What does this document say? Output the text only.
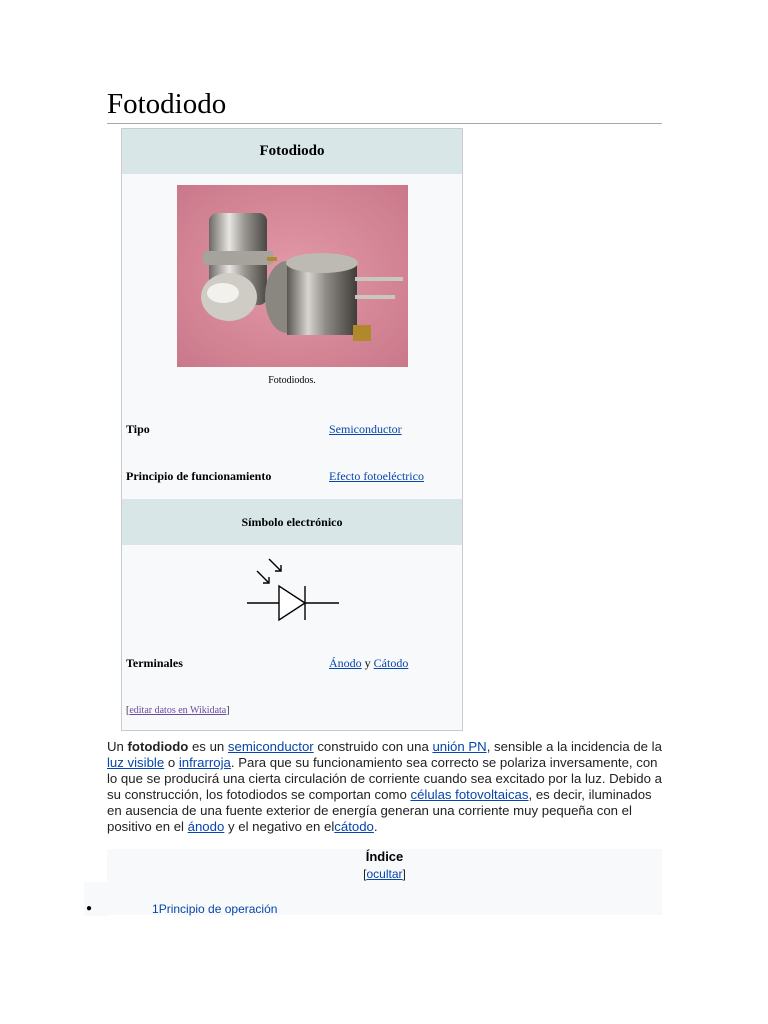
Fotodiodo
Fotodiodo
Fotodiodos.
Tipo	Semiconductor
Principio de funcionamiento	Efecto fotoeléctrico
Símbolo electrónico
Terminales	Ánodo y Cátodo
[editar datos en Wikidata]

Un fotodiodo es un semiconductor construido con una unión PN, sensible a la incidencia de la luz visible o infrarroja. Para que su funcionamiento sea correcto se polariza inversamente, con lo que se producirá una cierta circulación de corriente cuando sea excitado por la luz. Debido a su construcción, los fotodiodos se comportan como células fotovoltaicas, es decir, iluminados en ausencia de una fuente exterior de energía generan una corriente muy pequeña con el positivo en el ánodo y el negativo en elcátodo.

Índice
[ocultar]
●	1Principio de operación
